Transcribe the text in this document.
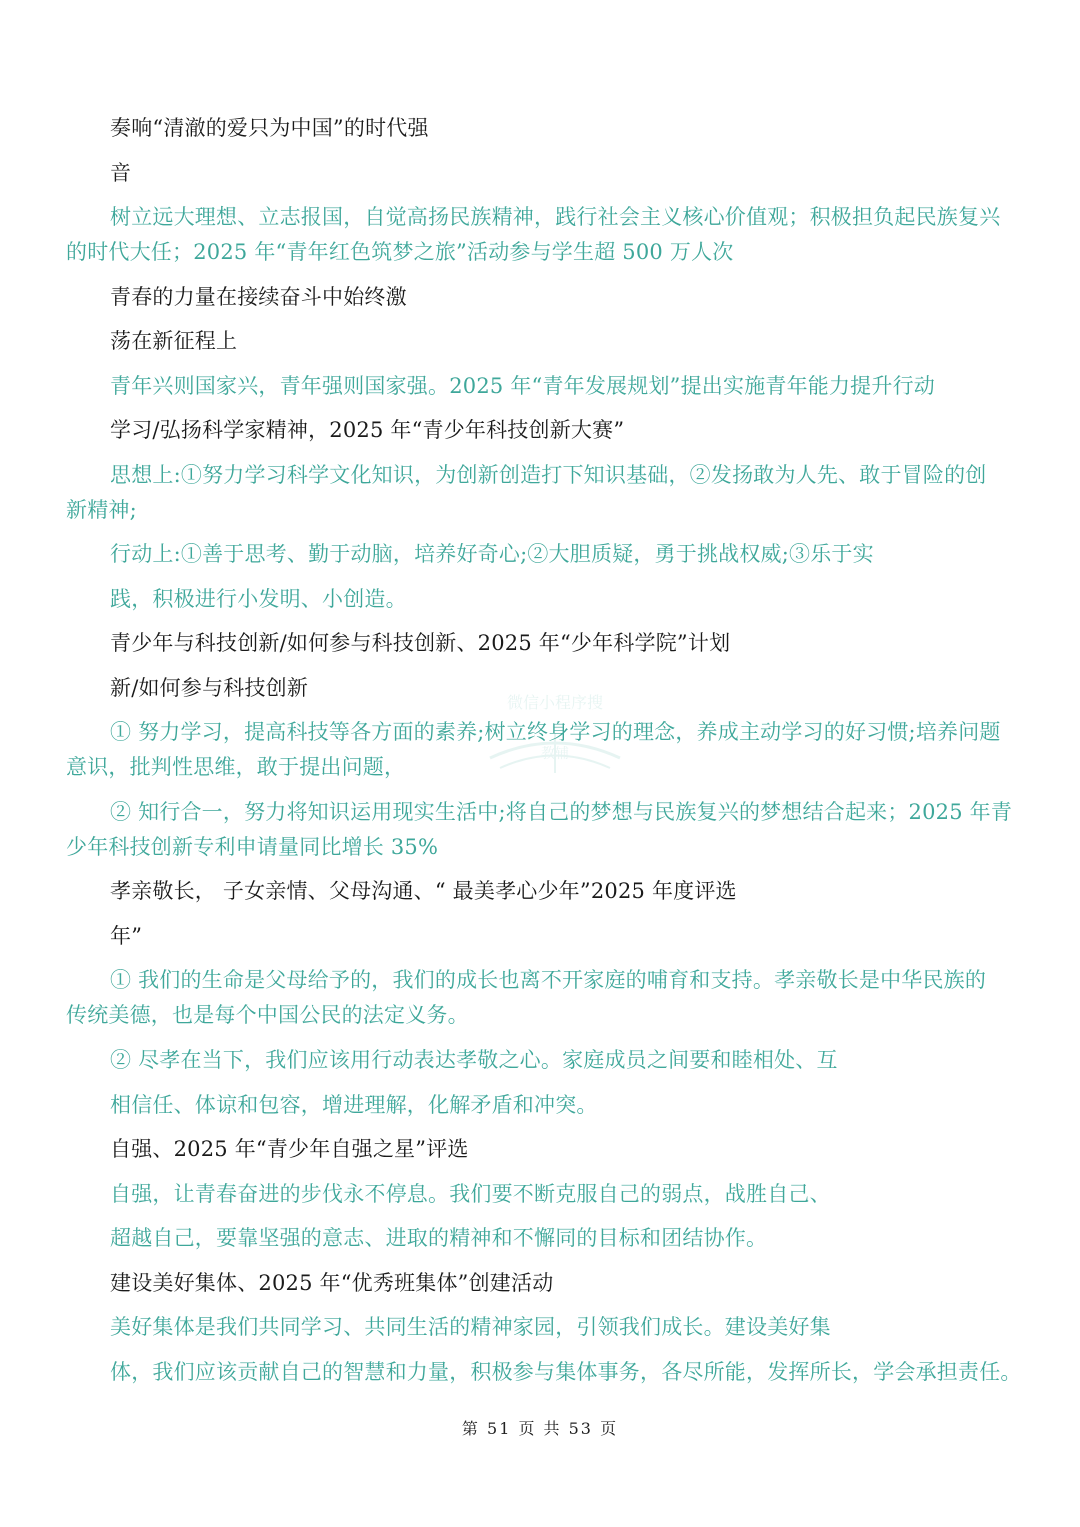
微信小程序搜
教辅
奏响“清澈的爱只为中国”的时代强
音
树立远大理想、立志报国，自觉高扬民族精神，践行社会主义核心价值观；积极担负起民族复兴
的时代大任；2025 年“青年红色筑梦之旅”活动参与学生超 500 万人次
青春的力量在接续奋斗中始终激
荡在新征程上
青年兴则国家兴，青年强则国家强。2025 年“青年发展规划”提出实施青年能力提升行动
学习/弘扬科学家精神，2025 年“青少年科技创新大赛”
思想上:①努力学习科学文化知识，为创新创造打下知识基础，②发扬敢为人先、敢于冒险的创
新精神;
行动上:①善于思考、勤于动脑，培养好奇心;②大胆质疑，勇于挑战权威;③乐于实
践，积极进行小发明、小创造。
青少年与科技创新/如何参与科技创新、2025 年“少年科学院”计划
新/如何参与科技创新
① 努力学习，提高科技等各方面的素养;树立终身学习的理念，养成主动学习的好习惯;培养问题
意识，批判性思维，敢于提出问题，
② 知行合一，努力将知识运用现实生活中;将自己的梦想与民族复兴的梦想结合起来；2025 年青
少年科技创新专利申请量同比增长 35%
孝亲敬长， 子女亲情、父母沟通、“ 最美孝心少年”2025 年度评选
年”
① 我们的生命是父母给予的，我们的成长也离不开家庭的哺育和支持。孝亲敬长是中华民族的
传统美德，也是每个中国公民的法定义务。
② 尽孝在当下，我们应该用行动表达孝敬之心。家庭成员之间要和睦相处、互
相信任、体谅和包容，增进理解，化解矛盾和冲突。
自强、2025 年“青少年自强之星”评选
自强，让青春奋进的步伐永不停息。我们要不断克服自己的弱点，战胜自己、
超越自己，要靠坚强的意志、进取的精神和不懈同的目标和团结协作。
建设美好集体、2025 年“优秀班集体”创建活动
美好集体是我们共同学习、共同生活的精神家园，引领我们成长。建设美好集
体，我们应该贡献自己的智慧和力量，积极参与集体事务，各尽所能，发挥所长，学会承担责任。
第 51 页 共 53 页
